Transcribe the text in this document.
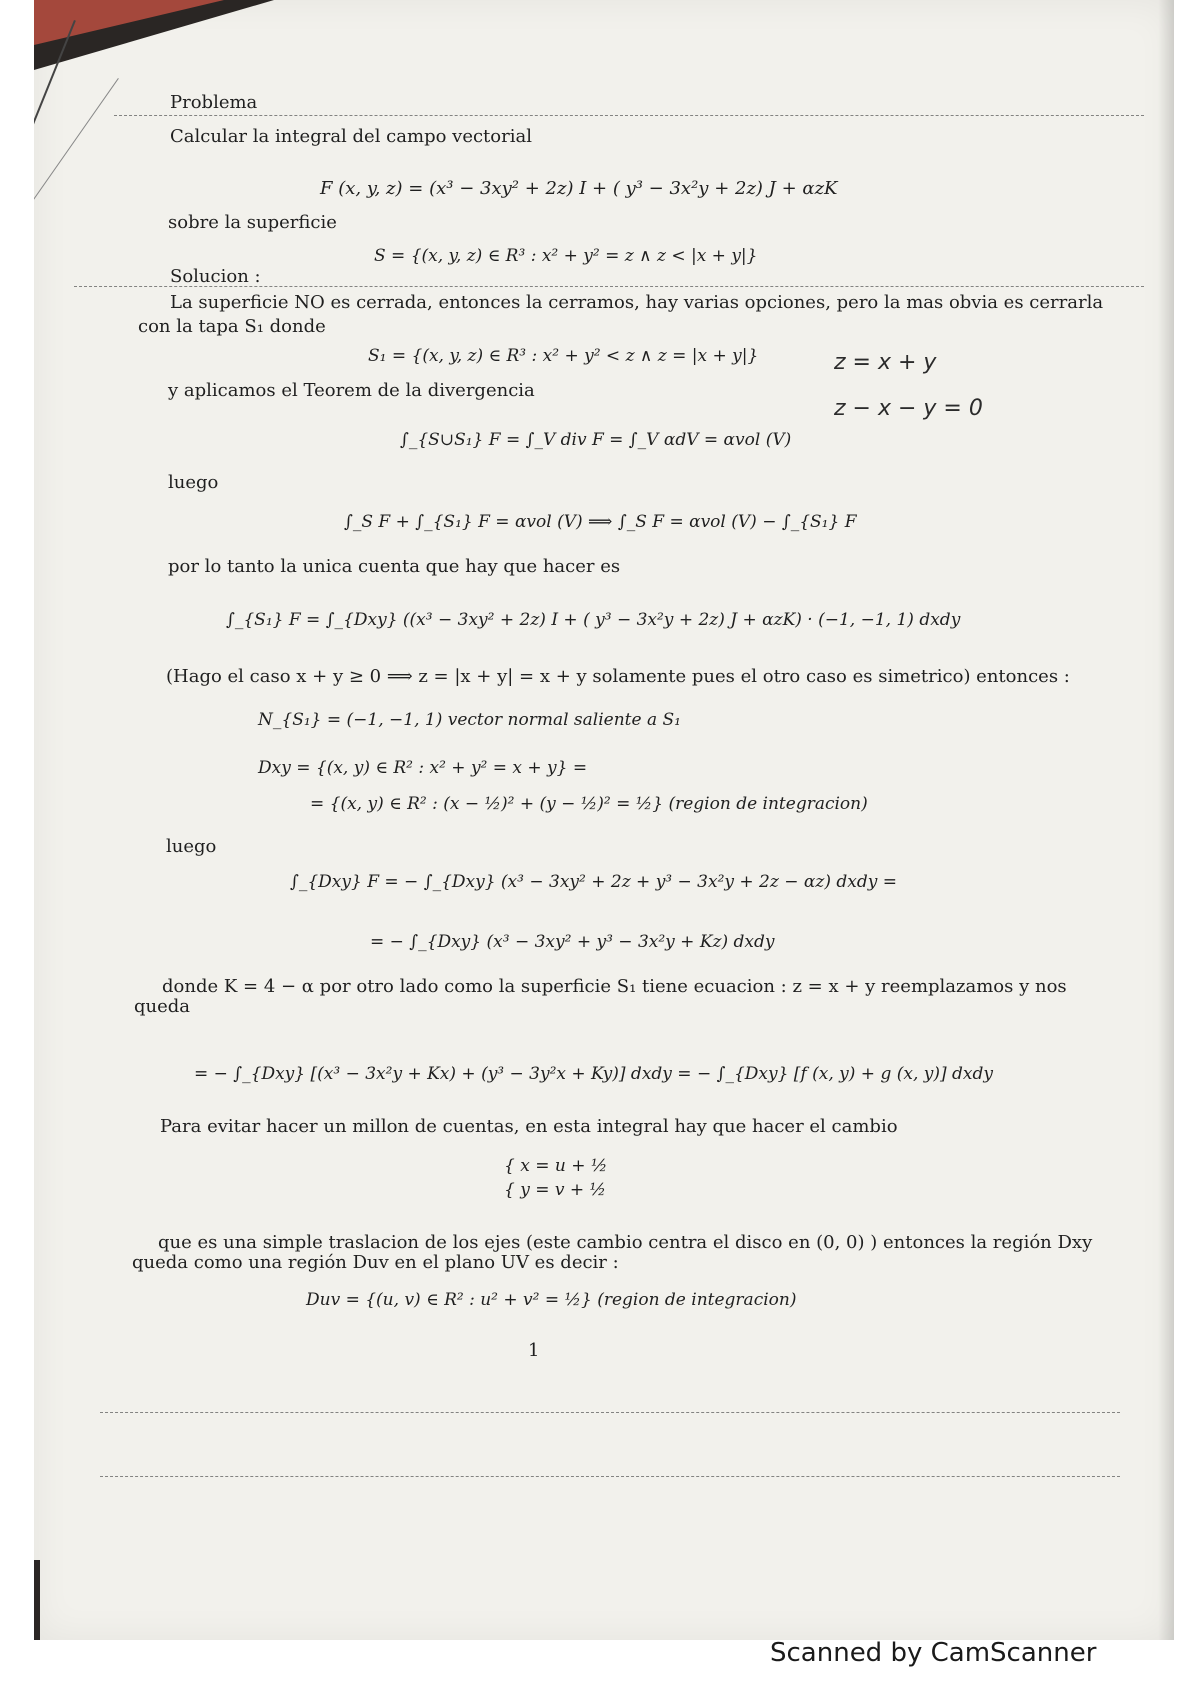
Problema
Calcular la integral del campo vectorial
F (x, y, z) = (x³ − 3xy² + 2z) I + ( y³ − 3x²y + 2z) J + αzK
sobre la superficie
S = {(x, y, z) ∈ R³ : x² + y² = z ∧ z < |x + y|}
Solucion :
La superficie NO es cerrada, entonces la cerramos, hay varias opciones, pero la mas obvia es cerrarla
con la tapa S₁ donde
S₁ = {(x, y, z) ∈ R³ : x² + y² < z ∧ z = |x + y|}	z = x + y
z − x − y = 0
y aplicamos el Teorem de la divergencia
∫_{S∪S₁} F = ∫_V div F = ∫_V αdV = αvol (V)
luego
∫_S F + ∫_{S₁} F = αvol (V) ⟹ ∫_S F = αvol (V) − ∫_{S₁} F
por lo tanto la unica cuenta que hay que hacer es
∫_{S₁} F = ∫_{Dxy} ((x³ − 3xy² + 2z) I + ( y³ − 3x²y + 2z) J + αzK) · (−1, −1, 1) dxdy
(Hago el caso x + y ≥ 0 ⟹ z = |x + y| = x + y solamente pues el otro caso es simetrico) entonces :
N_{S₁} = (−1, −1, 1) vector normal saliente a S₁
Dxy = {(x, y) ∈ R² : x² + y² = x + y} =
= {(x, y) ∈ R² : (x − ½)² + (y − ½)² = ½} (region de integracion)
luego
∫_{Dxy} F = − ∫_{Dxy} (x³ − 3xy² + 2z + y³ − 3x²y + 2z − αz) dxdy =
= − ∫_{Dxy} (x³ − 3xy² + y³ − 3x²y + Kz) dxdy
donde K = 4 − α por otro lado como la superficie S₁ tiene ecuacion : z = x + y reemplazamos y nos
queda
= − ∫_{Dxy} [(x³ − 3x²y + Kx) + (y³ − 3y²x + Ky)] dxdy = − ∫_{Dxy} [f (x, y) + g (x, y)] dxdy
Para evitar hacer un millon de cuentas, en esta integral hay que hacer el cambio
{ x = u + ½
{ y = v + ½
que es una simple traslacion de los ejes (este cambio centra el disco en (0, 0) ) entonces la región Dxy
queda como una región Duv en el plano UV es decir :
Duv = {(u, v) ∈ R² : u² + v² = ½} (region de integracion)
1
Scanned by CamScanner
